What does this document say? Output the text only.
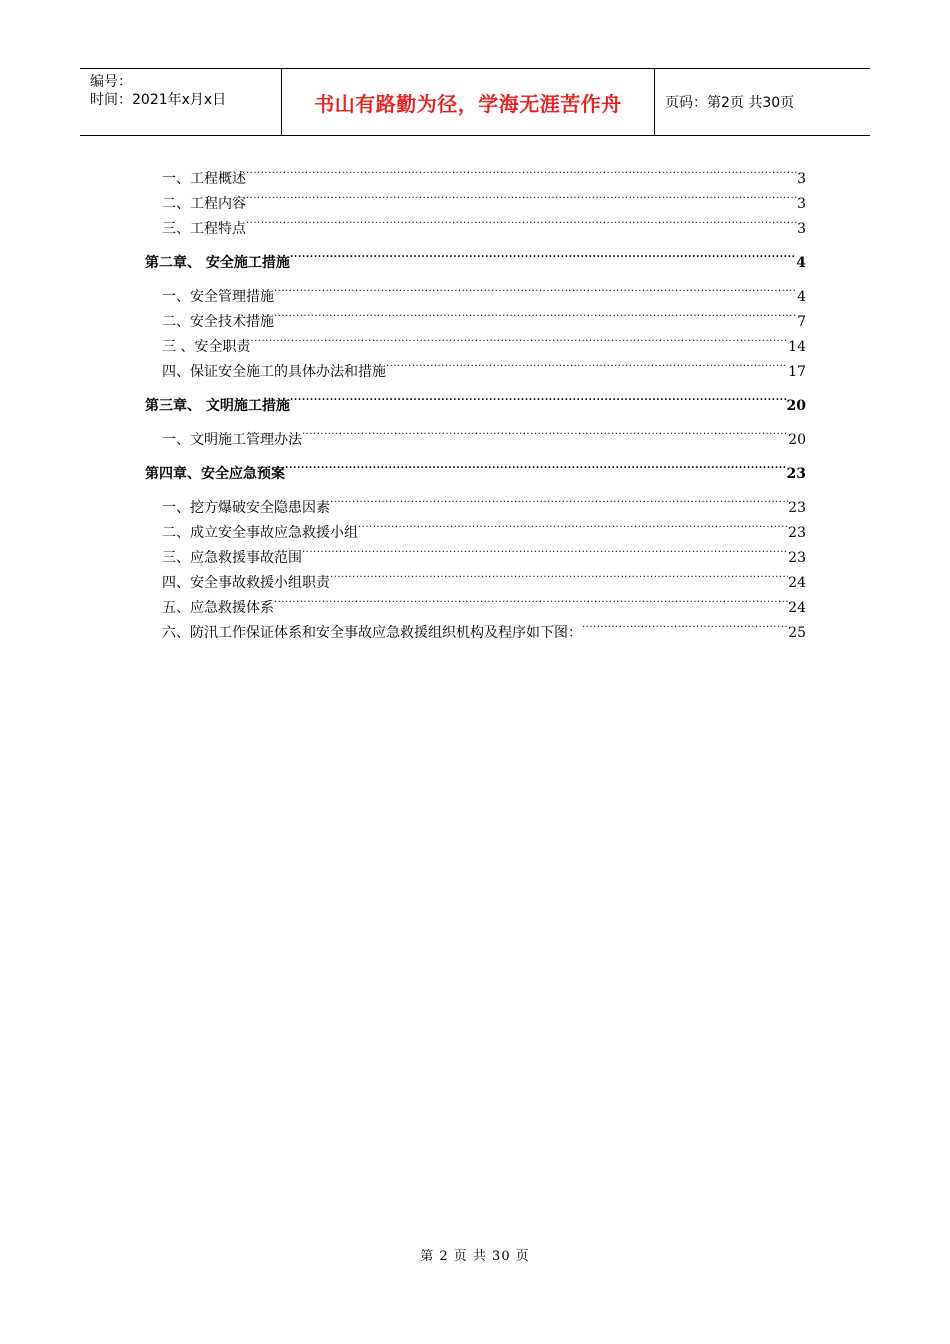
编号：
时间：2021年x月x日	书山有路勤为径，学海无涯苦作舟	页码：第2页 共30页
一、工程概述 .....	3
二、工程内容 .....	3
三、工程特点 .....	3
第二章、 安全施工措施 .....	4
一、安全管理措施 .....	4
二、安全技术措施 .....	7
三 、安全职责 .....	14
四、保证安全施工的具体办法和措施 .....	17
第三章、 文明施工措施 .....	20
一、文明施工管理办法 .....	20
第四章、安全应急预案 .....	23
一、挖方爆破安全隐患因素 .....	23
二、成立安全事故应急救援小组 .....	23
三、应急救援事故范围 .....	23
四、安全事故救援小组职责 .....	24
五、应急救援体系 .....	24
六、防汛工作保证体系和安全事故应急救援组织机构及程序如下图： .....	25
第 2 页 共 30 页
